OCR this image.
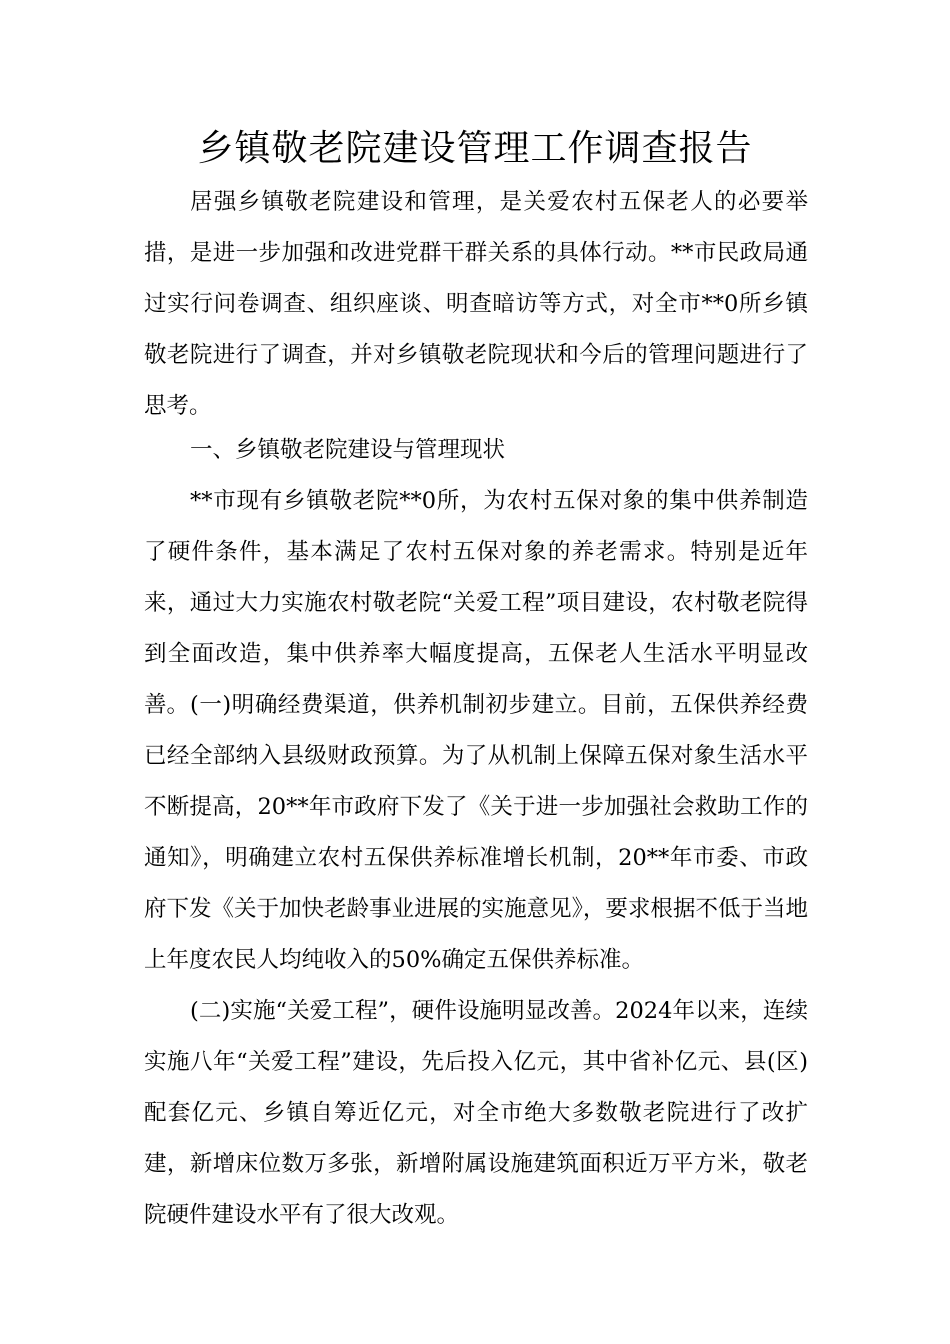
乡镇敬老院建设管理工作调查报告

居强乡镇敬老院建设和管理，是关爱农村五保老人的必要举措，是进一步加强和改进党群干群关系的具体行动。**市民政局通过实行问卷调查、组织座谈、明查暗访等方式，对全市**0所乡镇敬老院进行了调查，并对乡镇敬老院现状和今后的管理问题进行了思考。

一、乡镇敬老院建设与管理现状

**市现有乡镇敬老院**0所，为农村五保对象的集中供养制造了硬件条件，基本满足了农村五保对象的养老需求。特别是近年来，通过大力实施农村敬老院“关爱工程”项目建设，农村敬老院得到全面改造，集中供养率大幅度提高，五保老人生活水平明显改善。 (一)明确经费渠道，供养机制初步建立。目前，五保供养经费已经全部纳入县级财政预算。为了从机制上保障五保对象生活水平不断提高，20**年市政府下发了《关于进一步加强社会救助工作的通知》，明确建立农村五保供养标准增长机制，20**年市委、市政府下发《关于加快老龄事业进展的实施意见》，要求根据不低于当地上年度农民人均纯收入的50%确定五保供养标准。

(二)实施“关爱工程”，硬件设施明显改善。2024年以来，连续实施八年“关爱工程”建设，先后投入亿元，其中省补亿元、县(区)配套亿元、乡镇自筹近亿元，对全市绝大多数敬老院进行了改扩建，新增床位数万多张，新增附属设施建筑面积近万平方米，敬老院硬件建设水平有了很大改观。
